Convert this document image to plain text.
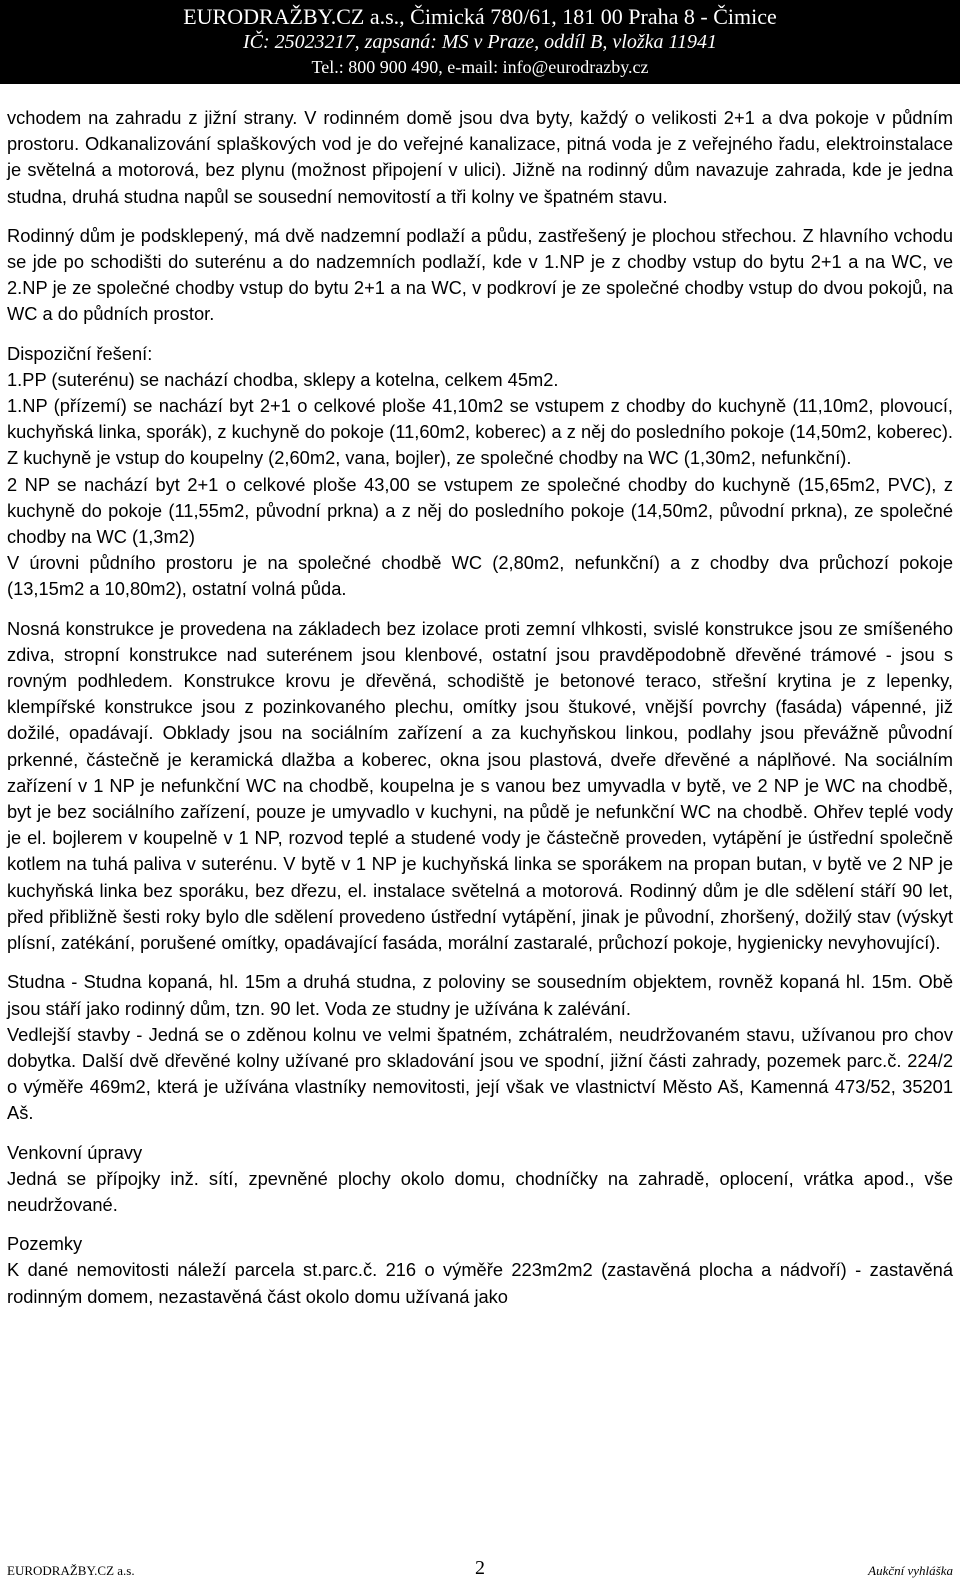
EURODRAŽBY.CZ a.s., Čimická 780/61, 181 00 Praha 8 - Čimice
IČ: 25023217, zapsaná: MS v Praze, oddíl B, vložka 11941
Tel.: 800 900 490, e-mail: info@eurodrazby.cz

vchodem na zahradu z jižní strany. V rodinném domě jsou dva byty, každý o velikosti 2+1 a dva pokoje v půdním prostoru. Odkanalizování splaškových vod je do veřejné kanalizace, pitná voda je z veřejného řadu, elektroinstalace je světelná a motorová, bez plynu (možnost připojení v ulici). Jižně na rodinný dům navazuje zahrada, kde je jedna studna, druhá studna napůl se sousední nemovitostí a tři kolny ve špatném stavu.

Rodinný dům je podsklepený, má dvě nadzemní podlaží a půdu, zastřešený je plochou střechou. Z hlavního vchodu se jde po schodišti do suterénu a do nadzemních podlaží, kde v 1.NP je z chodby vstup do bytu 2+1 a na WC, ve 2.NP je ze společné chodby vstup do bytu 2+1 a na WC, v podkroví je ze společné chodby vstup do dvou pokojů, na WC a do půdních prostor.

Dispoziční řešení:

1.PP (suterénu) se nachází chodba, sklepy a kotelna, celkem 45m2.

1.NP (přízemí) se nachází byt 2+1 o celkové ploše 41,10m2 se vstupem z chodby do kuchyně (11,10m2, plovoucí, kuchyňská linka, sporák), z kuchyně do pokoje (11,60m2, koberec) a z něj do posledního pokoje (14,50m2, koberec). Z kuchyně je vstup do koupelny (2,60m2, vana, bojler), ze společné chodby na WC (1,30m2, nefunkční).

2 NP se nachází byt 2+1 o celkové ploše 43,00 se vstupem ze společné chodby do kuchyně (15,65m2, PVC), z kuchyně do pokoje (11,55m2, původní prkna) a z něj do posledního pokoje (14,50m2, původní prkna), ze společné chodby na WC (1,3m2)

V úrovni půdního prostoru je na společné chodbě WC (2,80m2, nefunkční) a z chodby dva průchozí pokoje (13,15m2 a 10,80m2), ostatní volná půda.

Nosná konstrukce je provedena na základech bez izolace proti zemní vlhkosti, svislé konstrukce jsou ze smíšeného zdiva, stropní konstrukce nad suterénem jsou klenbové, ostatní jsou pravděpodobně dřevěné trámové - jsou s rovným podhledem. Konstrukce krovu je dřevěná, schodiště je betonové teraco, střešní krytina je z lepenky, klempířské konstrukce jsou z pozinkovaného plechu, omítky jsou štukové, vnější povrchy (fasáda) vápenné, již dožilé, opadávají. Obklady jsou na sociálním zařízení a za kuchyňskou linkou, podlahy jsou převážně původní prkenné, částečně je keramická dlažba a koberec, okna jsou plastová, dveře dřevěné a náplňové. Na sociálním zařízení v 1 NP je nefunkční WC na chodbě, koupelna je s vanou bez umyvadla v bytě, ve 2 NP je WC na chodbě, byt je bez sociálního zařízení, pouze je umyvadlo v kuchyni, na půdě je nefunkční WC na chodbě. Ohřev teplé vody je el. bojlerem v koupelně v 1 NP, rozvod teplé a studené vody je částečně proveden, vytápění je ústřední společně kotlem na tuhá paliva v suterénu. V bytě v 1 NP je kuchyňská linka se sporákem na propan butan, v bytě ve 2 NP je kuchyňská linka bez sporáku, bez dřezu, el. instalace světelná a motorová. Rodinný dům je dle sdělení stáří 90 let, před přibližně šesti roky bylo dle sdělení provedeno ústřední vytápění, jinak je původní, zhoršený, dožilý stav (výskyt plísní, zatékání, porušené omítky, opadávající fasáda, morální zastaralé, průchozí pokoje, hygienicky nevyhovující).

Studna - Studna kopaná, hl. 15m a druhá studna, z poloviny se sousedním objektem, rovněž kopaná hl. 15m. Obě jsou stáří jako rodinný dům, tzn. 90 let. Voda ze studny je užívána k zalévání.

Vedlejší stavby - Jedná se o zděnou kolnu ve velmi špatném, zchátralém, neudržovaném stavu, užívanou pro chov dobytka. Další dvě dřevěné kolny užívané pro skladování jsou ve spodní, jižní části zahrady, pozemek parc.č. 224/2 o výměře 469m2, která je užívána vlastníky nemovitosti, její však ve vlastnictví Město Aš, Kamenná 473/52, 35201 Aš.

Venkovní úpravy

Jedná se přípojky inž. sítí, zpevněné plochy okolo domu, chodníčky na zahradě, oplocení, vrátka apod., vše neudržované.

Pozemky

K dané nemovitosti náleží parcela st.parc.č. 216 o výměře 223m2m2 (zastavěná plocha a nádvoří) - zastavěná rodinným domem, nezastavěná část okolo domu užívaná jako

EURODRAŽBY.CZ a.s.	2	Aukční vyhláška
